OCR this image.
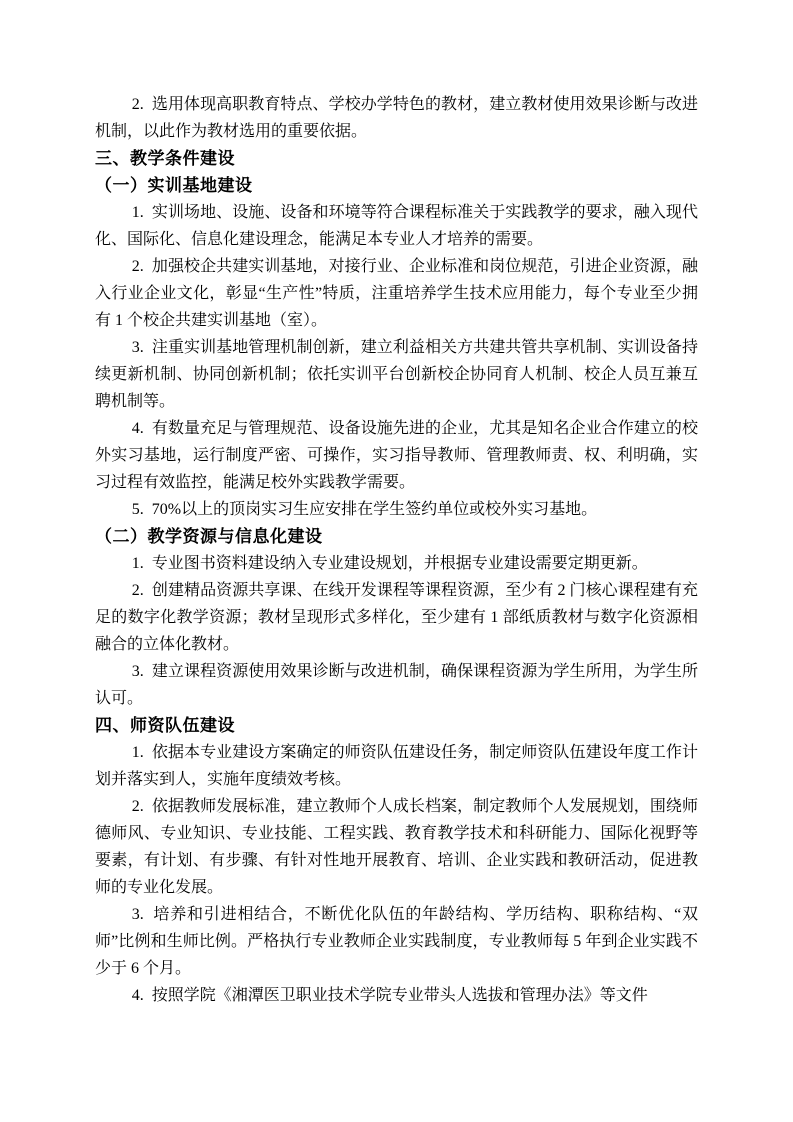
2.  选用体现高职教育特点、学校办学特色的教材，建立教材使用效果诊断与改进机制，以此作为教材选用的重要依据。

三、教学条件建设

（一）实训基地建设

1.  实训场地、设施、设备和环境等符合课程标准关于实践教学的要求，融入现代化、国际化、信息化建设理念，能满足本专业人才培养的需要。

2.  加强校企共建实训基地，对接行业、企业标准和岗位规范，引进企业资源，融入行业企业文化，彰显“生产性”特质，注重培养学生技术应用能力，每个专业至少拥有 1 个校企共建实训基地（室）。

3.  注重实训基地管理机制创新，建立利益相关方共建共管共享机制、实训设备持续更新机制、协同创新机制；依托实训平台创新校企协同育人机制、校企人员互兼互聘机制等。

4.  有数量充足与管理规范、设备设施先进的企业，尤其是知名企业合作建立的校外实习基地，运行制度严密、可操作，实习指导教师、管理教师责、权、利明确，实习过程有效监控，能满足校外实践教学需要。

5.  70%以上的顶岗实习生应安排在学生签约单位或校外实习基地。

（二）教学资源与信息化建设

1.  专业图书资料建设纳入专业建设规划，并根据专业建设需要定期更新。

2.  创建精品资源共享课、在线开发课程等课程资源，至少有 2 门核心课程建有充足的数字化教学资源；教材呈现形式多样化，至少建有 1 部纸质教材与数字化资源相融合的立体化教材。

3.  建立课程资源使用效果诊断与改进机制，确保课程资源为学生所用，为学生所认可。

四、师资队伍建设

1.  依据本专业建设方案确定的师资队伍建设任务，制定师资队伍建设年度工作计划并落实到人，实施年度绩效考核。

2.  依据教师发展标准，建立教师个人成长档案，制定教师个人发展规划，围绕师德师风、专业知识、专业技能、工程实践、教育教学技术和科研能力、国际化视野等要素，有计划、有步骤、有针对性地开展教育、培训、企业实践和教研活动，促进教师的专业化发展。

3.  培养和引进相结合，不断优化队伍的年龄结构、学历结构、职称结构、“双师”比例和生师比例。严格执行专业教师企业实践制度，专业教师每 5 年到企业实践不少于 6 个月。

4.  按照学院《湘潭医卫职业技术学院专业带头人选拔和管理办法》等文件
